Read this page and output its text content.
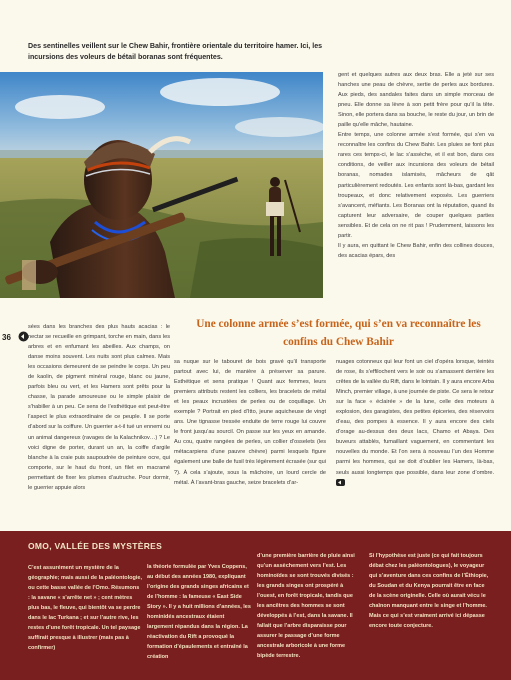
Des sentinelles veillent sur le Chew Bahir, frontière orientale du territoire hamer. Ici, les incursions des voleurs de bétail boranas sont fréquentes.

gent et quelques autres aux deux bras. Elle a jeté sur ses hanches une peau de chèvre, sertie de perles aux bordures. Aux pieds, des sandales faites dans un simple morceau de pneu. Elle donne sa lèvre à son petit frère pour qu’il la tête. Sinon, elle portera dans sa bouche, le reste du jour, un brin de paille qu’elle mâche, hautaine.

Entre temps, une colonne armée s’est formée, qui s’en va reconnaître les confins du Chew Bahir. Les pluies se font plus rares ces temps-ci, le lac s’assèche, et il est bon, dans ces conditions, de veiller aux incursions des voleurs de bétail boranas, nomades islamisés, mâcheurs de qât particulièrement redoutés. Les enfants sont là-bas, gardant les troupeaux, et donc relativement exposés. Les guerriers s’avancent, méfiants. Les Boranas ont la réputation, quand ils capturent leur adversaire, de couper quelques parties sensibles. Et de cela on ne rit pas ! Prudemment, laissons les partir.

Il y aura, en quittant le Chew Bahir, enfin des collines douces, des acacias épars, des

36
Une colonne armée s’est formée, qui s’en va reconnaître les confins du Chew Bahir
sées dans les branches des plus hauts acacias : le nectar se recueille en grimpant, torche en main, dans les arbres et en enfumant les abeilles. Aux champs, on danse moins souvent. Les nuits sont plus calmes. Mais les occasions demeurent de se peindre le corps. Un peu de kaolin, de pigment minéral rouge, blanc ou jaune, parfois bleu ou vert, et les Hamers sont prêts pour la chasse, la parade amoureuse ou le simple plaisir de s’habiller à un peu. Ce sens de l’esthétique est peut-être l’aspect le plus extraordinaire de ce peuple. Il se porte d’abord sur la coiffure. Un guerrier a-t-il tué un ennemi ou un animal dangereux (ravages de la Kalachnikov…) ? Le voici digne de porter, durant un an, la coiffe d’argile blanche à la craie puis saupoudrée de peinture ocre, qui comporte, sur le haut du front, un filet en macramé permettant de fixer les plumes d’autruche. Pour dormir, le guerrier appuie alors
sa nuque sur le tabouret de bois gravé qu’il transporte partout avec lui, de manière à préserver sa parure. Esthétique et sens pratique ! Quant aux femmes, leurs premiers attributs restent les colliers, les bracelets de métal et les peaux incrustées de perles ou de coquillage. Un exemple ? Portrait en pied d’Itto, jeune aquicheuse de vingt ans. Une tignasse tressée enduite de terre rouge lui couvre le front jusqu’au sourcil. On passe sur les yeux en amande. Au cou, quatre rangées de perles, un collier d’osselets (les métacarpiens d’une pauvre chèvre) parmi lesquels figure également une balle de fusil très légèrement écrasée (sur qui ?). À cela s’ajoute, sous la mâchoire, un lourd cercle de métal. À l’avant-bras gauche, seize bracelets d’ar-
nuages cotonneux qui leur font un ciel d’opéra lorsque, teintés de rose, ils s’effilochent vers le soir ou s’amassent derrière les crêtes de la vallée du Rift, dans le lointain. Il y aura encore Arba Minch, premier village, à une journée de piste. Ce sera le retour sur la face « éclairée » de la lune, celle des moteurs à explosion, des garagistes, des petites épiceries, des réservoirs d’eau, des pompes à essence. Il y aura encore des ciels d’orage au-dessus des deux lacs, Chamo et Abaya. Des buveurs attablés, fumaillant vaguement, en commentant les nouvelles du monde. Et l’on sera à nouveau l’un des Homme parmi les hommes, qui se doit d’oublier les Hamers, là-bas, seuls aussi longtemps que possible, dans leur zone d’ombre.
OMO, VALLÉE DES MYSTÈRES
C’est assurément un mystère de la géographie; mais aussi de la paléontologie, ou cette basse vallée de l’Omo. Résumons : la savane « s’arrête net » ; cent mètres plus bas, le fleuve, qui bientôt va se perdre dans le lac Turkana ; et sur l’autre rive, les restes d’une forêt tropicale. Un tel paysage suffirait presque à illustrer (mais pas à confirmer)
la théorie formulée par Yves Coppens, au début des années 1980, expliquant l’origine des grands singes africains et de l’homme : la fameuse « East Side Story ». Il y a huit millions d’années, les hominidés ancestraux étaient largement répandus dans la région. La réactivation du Rift a provoqué la formation d’épaulements et entraîné la création
d’une première barrière de pluie ainsi qu’un assèchement vers l’est. Les hominoïdes se sont trouvés divisés : les grands singes ont prospéré à l’ouest, en forêt tropicale, tandis que les ancêtres des hommes se sont développés à l’est, dans la savane. Il fallait que l’arbre disparaisse pour assurer le passage d’une forme ancestrale arboricole à une forme bipède terrestre.
Si l’hypothèse est juste (ce qui fait toujours débat chez les paléontologues), le voyageur qui s’aventure dans ces confins de l’Éthiopie, du Soudan et du Kenya pourrait être en face de la scène originelle. Celle où aurait vécu le chaînon manquant entre le singe et l’homme. Mais ce qui s’est vraiment arrivé ici dépasse encore toute conjecture.
